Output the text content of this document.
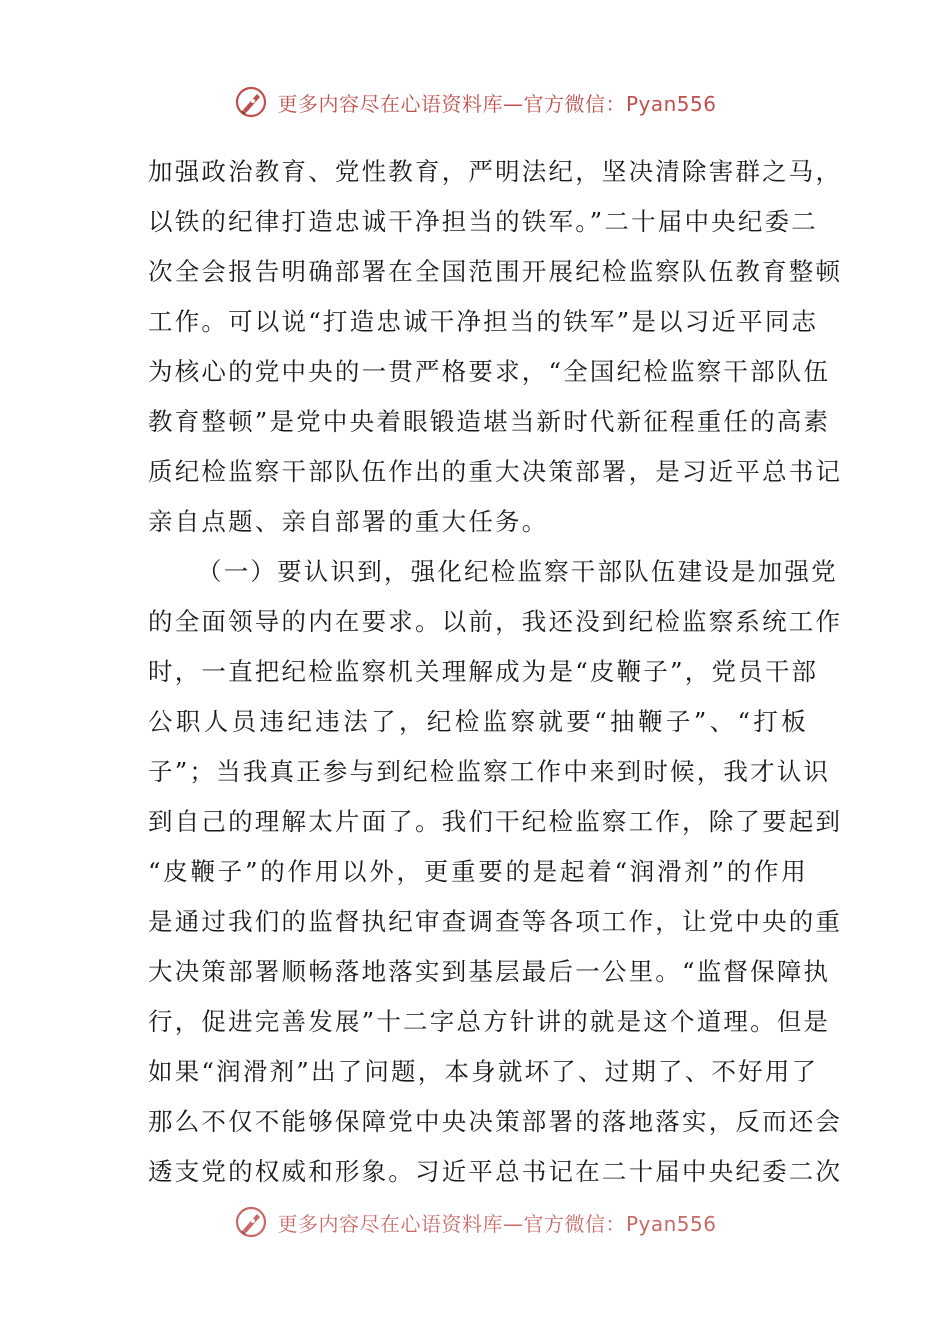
更多内容尽在心语资料库—官方微信：Pyan556
加强政治教育、党性教育，严明法纪，坚决清除害群之马，
以铁的纪律打造忠诚干净担当的铁军。”二十届中央纪委二
次全会报告明确部署在全国范围开展纪检监察队伍教育整顿
工作。可以说“打造忠诚干净担当的铁军”是以习近平同志
为核心的党中央的一贯严格要求，“全国纪检监察干部队伍
教育整顿”是党中央着眼锻造堪当新时代新征程重任的高素
质纪检监察干部队伍作出的重大决策部署，是习近平总书记
亲自点题、亲自部署的重大任务。
（一）要认识到，强化纪检监察干部队伍建设是加强党
的全面领导的内在要求。以前，我还没到纪检监察系统工作
时，一直把纪检监察机关理解成为是“皮鞭子”，党员干部
公职人员违纪违法了，纪检监察就要“抽鞭子”、“打板
子”；当我真正参与到纪检监察工作中来到时候，我才认识
到自己的理解太片面了。我们干纪检监察工作，除了要起到
“皮鞭子”的作用以外，更重要的是起着“润滑剂”的作用
是通过我们的监督执纪审查调查等各项工作，让党中央的重
大决策部署顺畅落地落实到基层最后一公里。“监督保障执
行，促进完善发展”十二字总方针讲的就是这个道理。但是
如果“润滑剂”出了问题，本身就坏了、过期了、不好用了
那么不仅不能够保障党中央决策部署的落地落实，反而还会
透支党的权威和形象。习近平总书记在二十届中央纪委二次
更多内容尽在心语资料库—官方微信：Pyan556
